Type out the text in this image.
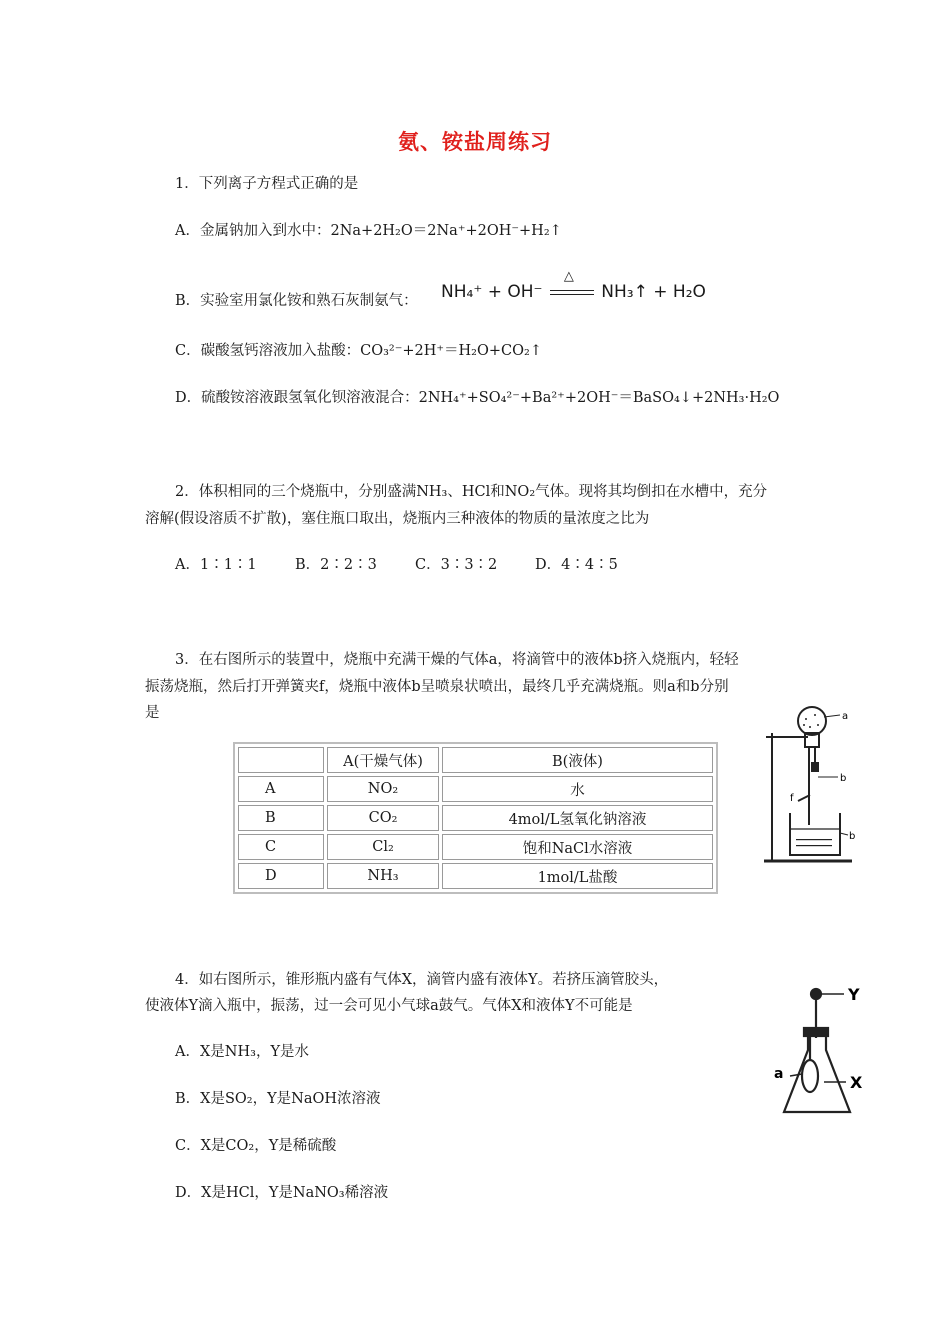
氨、铵盐周练习
1．下列离子方程式正确的是
A．金属钠加入到水中：2Na+2H₂O＝2Na⁺+2OH⁻+H₂↑
B．实验室用氯化铵和熟石灰制氨气： NH₄⁺ + OH⁻
△
NH₃↑ + H₂O
C．碳酸氢钙溶液加入盐酸：CO₃²⁻+2H⁺＝H₂O+CO₂↑
D．硫酸铵溶液跟氢氧化钡溶液混合：2NH₄⁺+SO₄²⁻+Ba²⁺+2OH⁻＝BaSO₄↓+2NH₃·H₂O
2．体积相同的三个烧瓶中，分别盛满NH₃、HCl和NO₂气体。现将其均倒扣在水槽中，充分
溶解(假设溶质不扩散)，塞住瓶口取出，烧瓶内三种液体的物质的量浓度之比为
A．1∶1∶1	B．2∶2∶3	C．3∶3∶2	D．4∶4∶5
3．在右图所示的装置中，烧瓶中充满干燥的气体a，将滴管中的液体b挤入烧瓶内，轻轻
振荡烧瓶，然后打开弹簧夹f，烧瓶中液体b呈喷泉状喷出，最终几乎充满烧瓶。则a和b分别
是
	A(干燥气体)	B(液体)
A	NO₂	水
B	CO₂	4mol/L氢氧化钠溶液
C	Cl₂	饱和NaCl水溶液
D	NH₃	1mol/L盐酸
a
b
f
b
4．如右图所示，锥形瓶内盛有气体X，滴管内盛有液体Y。若挤压滴管胶头，
使液体Y滴入瓶中，振荡，过一会可见小气球a鼓气。气体X和液体Y不可能是
A．X是NH₃，Y是水
B．X是SO₂，Y是NaOH浓溶液
C．X是CO₂，Y是稀硫酸
D．X是HCl，Y是NaNO₃稀溶液
Y
X
a
